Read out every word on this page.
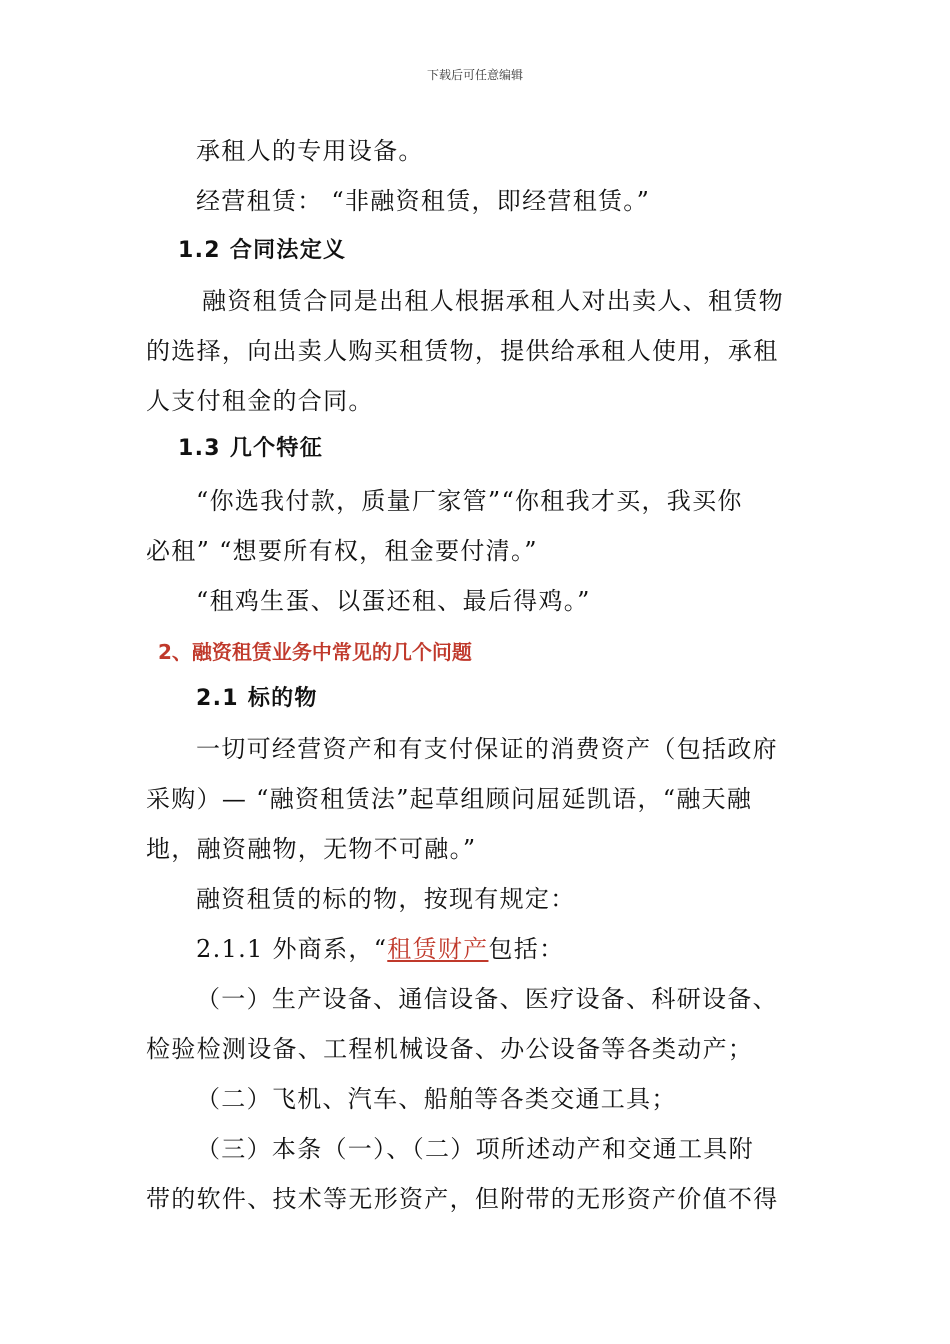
下载后可任意编辑
承租人的专用设备。
经营租赁： “非融资租赁，即经营租赁。”
1.2 合同法定义
融资租赁合同是出租人根据承租人对出卖人、租赁物
的选择，向出卖人购买租赁物，提供给承租人使用，承租
人支付租金的合同。
1.3 几个特征
“你选我付款，质量厂家管”“你租我才买，我买你
必租” “想要所有权，租金要付清。”
“租鸡生蛋、以蛋还租、最后得鸡。”
2、融资租赁业务中常见的几个问题
2.1 标的物
一切可经营资产和有支付保证的消费资产（包括政府
采购）— “融资租赁法”起草组顾问屈延凯语，“融天融
地，融资融物，无物不可融。”
融资租赁的标的物，按现有规定：
2.1.1 外商系，“租赁财产包括：
（一）生产设备、通信设备、医疗设备、科研设备、
检验检测设备、工程机械设备、办公设备等各类动产；
（二）飞机、汽车、船舶等各类交通工具；
（三）本条（一）、（二）项所述动产和交通工具附
带的软件、技术等无形资产，但附带的无形资产价值不得
